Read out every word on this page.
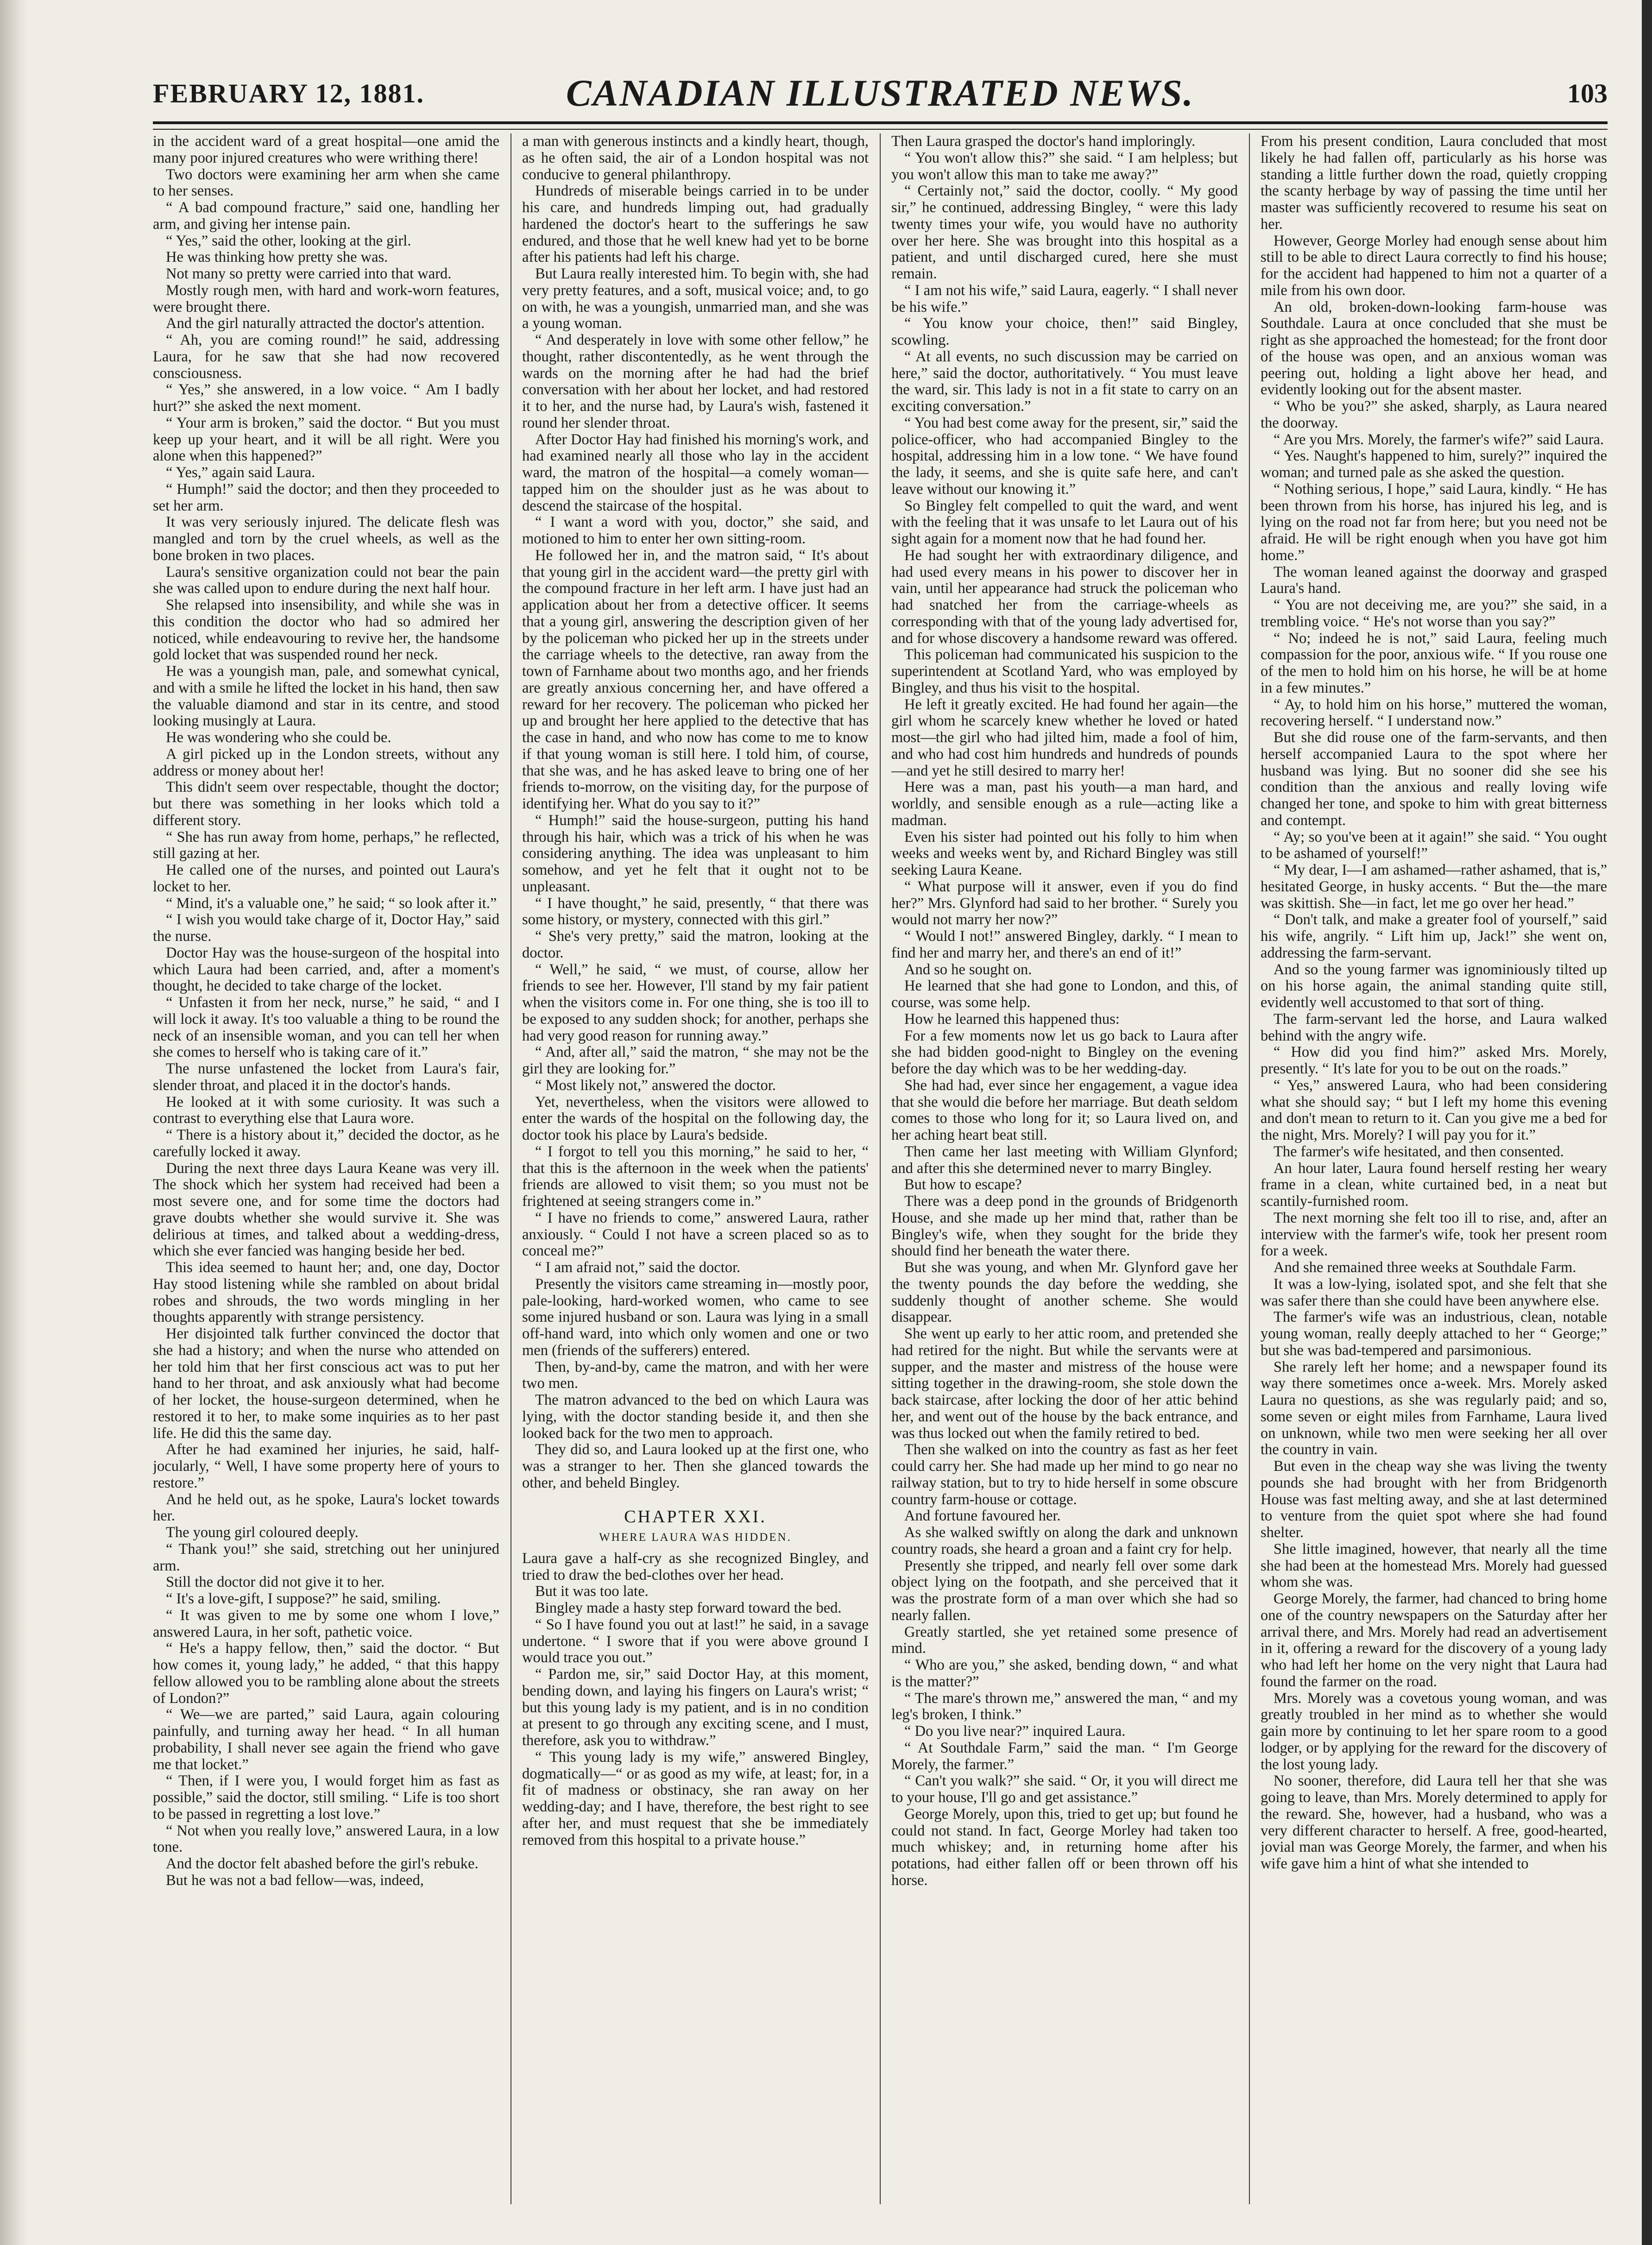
FEBRUARY 12, 1881.	CANADIAN ILLUSTRATED NEWS.	103

in the accident ward of a great hospital—one amid the many poor injured creatures who were writhing there!

Two doctors were examining her arm when she came to her senses.

“ A bad compound fracture,” said one, handling her arm, and giving her intense pain.

“ Yes,” said the other, looking at the girl.

He was thinking how pretty she was.

Not many so pretty were carried into that ward.

Mostly rough men, with hard and work-worn features, were brought there.

And the girl naturally attracted the doctor's attention.

“ Ah, you are coming round!” he said, addressing Laura, for he saw that she had now recovered consciousness.

“ Yes,” she answered, in a low voice. “ Am I badly hurt?” she asked the next moment.

“ Your arm is broken,” said the doctor. “ But you must keep up your heart, and it will be all right. Were you alone when this happened?”

“ Yes,” again said Laura.

“ Humph!” said the doctor; and then they proceeded to set her arm.

It was very seriously injured. The delicate flesh was mangled and torn by the cruel wheels, as well as the bone broken in two places.

Laura's sensitive organization could not bear the pain she was called upon to endure during the next half hour.

She relapsed into insensibility, and while she was in this condition the doctor who had so admired her noticed, while endeavouring to revive her, the handsome gold locket that was suspended round her neck.

He was a youngish man, pale, and somewhat cynical, and with a smile he lifted the locket in his hand, then saw the valuable diamond and star in its centre, and stood looking musingly at Laura.

He was wondering who she could be.

A girl picked up in the London streets, without any address or money about her!

This didn't seem over respectable, thought the doctor; but there was something in her looks which told a different story.

“ She has run away from home, perhaps,” he reflected, still gazing at her.

He called one of the nurses, and pointed out Laura's locket to her.

“ Mind, it's a valuable one,” he said; “ so look after it.”

“ I wish you would take charge of it, Doctor Hay,” said the nurse.

Doctor Hay was the house-surgeon of the hospital into which Laura had been carried, and, after a moment's thought, he decided to take charge of the locket.

“ Unfasten it from her neck, nurse,” he said, “ and I will lock it away. It's too valuable a thing to be round the neck of an insensible woman, and you can tell her when she comes to herself who is taking care of it.”

The nurse unfastened the locket from Laura's fair, slender throat, and placed it in the doctor's hands.

He looked at it with some curiosity. It was such a contrast to everything else that Laura wore.

“ There is a history about it,” decided the doctor, as he carefully locked it away.

During the next three days Laura Keane was very ill. The shock which her system had received had been a most severe one, and for some time the doctors had grave doubts whether she would survive it. She was delirious at times, and talked about a wedding-dress, which she ever fancied was hanging beside her bed.

This idea seemed to haunt her; and, one day, Doctor Hay stood listening while she rambled on about bridal robes and shrouds, the two words mingling in her thoughts apparently with strange persistency.

Her disjointed talk further convinced the doctor that she had a history; and when the nurse who attended on her told him that her first conscious act was to put her hand to her throat, and ask anxiously what had become of her locket, the house-surgeon determined, when he restored it to her, to make some inquiries as to her past life. He did this the same day.

After he had examined her injuries, he said, half-jocularly, “ Well, I have some property here of yours to restore.”

And he held out, as he spoke, Laura's locket towards her.

The young girl coloured deeply.

“ Thank you!” she said, stretching out her uninjured arm.

Still the doctor did not give it to her.

“ It's a love-gift, I suppose?” he said, smiling.

“ It was given to me by some one whom I love,” answered Laura, in her soft, pathetic voice.

“ He's a happy fellow, then,” said the doctor. “ But how comes it, young lady,” he added, “ that this happy fellow allowed you to be rambling alone about the streets of London?”

“ We—we are parted,” said Laura, again colouring painfully, and turning away her head. “ In all human probability, I shall never see again the friend who gave me that locket.”

“ Then, if I were you, I would forget him as fast as possible,” said the doctor, still smiling. “ Life is too short to be passed in regretting a lost love.”

“ Not when you really love,” answered Laura, in a low tone.

And the doctor felt abashed before the girl's rebuke.

But he was not a bad fellow—was, indeed,

a man with generous instincts and a kindly heart, though, as he often said, the air of a London hospital was not conducive to general philanthropy.

Hundreds of miserable beings carried in to be under his care, and hundreds limping out, had gradually hardened the doctor's heart to the sufferings he saw endured, and those that he well knew had yet to be borne after his patients had left his charge.

But Laura really interested him. To begin with, she had very pretty features, and a soft, musical voice; and, to go on with, he was a youngish, unmarried man, and she was a young woman.

“ And desperately in love with some other fellow,” he thought, rather discontentedly, as he went through the wards on the morning after he had had the brief conversation with her about her locket, and had restored it to her, and the nurse had, by Laura's wish, fastened it round her slender throat.

After Doctor Hay had finished his morning's work, and had examined nearly all those who lay in the accident ward, the matron of the hospital—a comely woman—tapped him on the shoulder just as he was about to descend the staircase of the hospital.

“ I want a word with you, doctor,” she said, and motioned to him to enter her own sitting-room.

He followed her in, and the matron said, “ It's about that young girl in the accident ward—the pretty girl with the compound fracture in her left arm. I have just had an application about her from a detective officer. It seems that a young girl, answering the description given of her by the policeman who picked her up in the streets under the carriage wheels to the detective, ran away from the town of Farnhame about two months ago, and her friends are greatly anxious concerning her, and have offered a reward for her recovery. The policeman who picked her up and brought her here applied to the detective that has the case in hand, and who now has come to me to know if that young woman is still here. I told him, of course, that she was, and he has asked leave to bring one of her friends to-morrow, on the visiting day, for the purpose of identifying her. What do you say to it?”

“ Humph!” said the house-surgeon, putting his hand through his hair, which was a trick of his when he was considering anything. The idea was unpleasant to him somehow, and yet he felt that it ought not to be unpleasant.

“ I have thought,” he said, presently, “ that there was some history, or mystery, connected with this girl.”

“ She's very pretty,” said the matron, looking at the doctor.

“ Well,” he said, “ we must, of course, allow her friends to see her. However, I'll stand by my fair patient when the visitors come in. For one thing, she is too ill to be exposed to any sudden shock; for another, perhaps she had very good reason for running away.”

“ And, after all,” said the matron, “ she may not be the girl they are looking for.”

“ Most likely not,” answered the doctor.

Yet, nevertheless, when the visitors were allowed to enter the wards of the hospital on the following day, the doctor took his place by Laura's bedside.

“ I forgot to tell you this morning,” he said to her, “ that this is the afternoon in the week when the patients' friends are allowed to visit them; so you must not be frightened at seeing strangers come in.”

“ I have no friends to come,” answered Laura, rather anxiously. “ Could I not have a screen placed so as to conceal me?”

“ I am afraid not,” said the doctor.

Presently the visitors came streaming in—mostly poor, pale-looking, hard-worked women, who came to see some injured husband or son. Laura was lying in a small off-hand ward, into which only women and one or two men (friends of the sufferers) entered.

Then, by-and-by, came the matron, and with her were two men.

The matron advanced to the bed on which Laura was lying, with the doctor standing beside it, and then she looked back for the two men to approach.

They did so, and Laura looked up at the first one, who was a stranger to her. Then she glanced towards the other, and beheld Bingley.

CHAPTER XXI.
WHERE LAURA WAS HIDDEN.

Laura gave a half-cry as she recognized Bingley, and tried to draw the bed-clothes over her head.

But it was too late.

Bingley made a hasty step forward toward the bed.

“ So I have found you out at last!” he said, in a savage undertone. “ I swore that if you were above ground I would trace you out.”

“ Pardon me, sir,” said Doctor Hay, at this moment, bending down, and laying his fingers on Laura's wrist; “ but this young lady is my patient, and is in no condition at present to go through any exciting scene, and I must, therefore, ask you to withdraw.”

“ This young lady is my wife,” answered Bingley, dogmatically—“ or as good as my wife, at least; for, in a fit of madness or obstinacy, she ran away on her wedding-day; and I have, therefore, the best right to see after her, and must request that she be immediately removed from this hospital to a private house.”

Then Laura grasped the doctor's hand imploringly.

“ You won't allow this?” she said. “ I am helpless; but you won't allow this man to take me away?”

“ Certainly not,” said the doctor, coolly. “ My good sir,” he continued, addressing Bingley, “ were this lady twenty times your wife, you would have no authority over her here. She was brought into this hospital as a patient, and until discharged cured, here she must remain.

“ I am not his wife,” said Laura, eagerly. “ I shall never be his wife.”

“ You know your choice, then!” said Bingley, scowling.

“ At all events, no such discussion may be carried on here,” said the doctor, authoritatively. “ You must leave the ward, sir. This lady is not in a fit state to carry on an exciting conversation.”

“ You had best come away for the present, sir,” said the police-officer, who had accompanied Bingley to the hospital, addressing him in a low tone. “ We have found the lady, it seems, and she is quite safe here, and can't leave without our knowing it.”

So Bingley felt compelled to quit the ward, and went with the feeling that it was unsafe to let Laura out of his sight again for a moment now that he had found her.

He had sought her with extraordinary diligence, and had used every means in his power to discover her in vain, until her appearance had struck the policeman who had snatched her from the carriage-wheels as corresponding with that of the young lady advertised for, and for whose discovery a handsome reward was offered.

This policeman had communicated his suspicion to the superintendent at Scotland Yard, who was employed by Bingley, and thus his visit to the hospital.

He left it greatly excited. He had found her again—the girl whom he scarcely knew whether he loved or hated most—the girl who had jilted him, made a fool of him, and who had cost him hundreds and hundreds of pounds—and yet he still desired to marry her!

Here was a man, past his youth—a man hard, and worldly, and sensible enough as a rule—acting like a madman.

Even his sister had pointed out his folly to him when weeks and weeks went by, and Richard Bingley was still seeking Laura Keane.

“ What purpose will it answer, even if you do find her?” Mrs. Glynford had said to her brother. “ Surely you would not marry her now?”

“ Would I not!” answered Bingley, darkly. “ I mean to find her and marry her, and there's an end of it!”

And so he sought on.

He learned that she had gone to London, and this, of course, was some help.

How he learned this happened thus:

For a few moments now let us go back to Laura after she had bidden good-night to Bingley on the evening before the day which was to be her wedding-day.

She had had, ever since her engagement, a vague idea that she would die before her marriage. But death seldom comes to those who long for it; so Laura lived on, and her aching heart beat still.

Then came her last meeting with William Glynford; and after this she determined never to marry Bingley.

But how to escape?

There was a deep pond in the grounds of Bridgenorth House, and she made up her mind that, rather than be Bingley's wife, when they sought for the bride they should find her beneath the water there.

But she was young, and when Mr. Glynford gave her the twenty pounds the day before the wedding, she suddenly thought of another scheme. She would disappear.

She went up early to her attic room, and pretended she had retired for the night. But while the servants were at supper, and the master and mistress of the house were sitting together in the drawing-room, she stole down the back staircase, after locking the door of her attic behind her, and went out of the house by the back entrance, and was thus locked out when the family retired to bed.

Then she walked on into the country as fast as her feet could carry her. She had made up her mind to go near no railway station, but to try to hide herself in some obscure country farm-house or cottage.

And fortune favoured her.

As she walked swiftly on along the dark and unknown country roads, she heard a groan and a faint cry for help.

Presently she tripped, and nearly fell over some dark object lying on the footpath, and she perceived that it was the prostrate form of a man over which she had so nearly fallen.

Greatly startled, she yet retained some presence of mind.

“ Who are you,” she asked, bending down, “ and what is the matter?”

“ The mare's thrown me,” answered the man, “ and my leg's broken, I think.”

“ Do you live near?” inquired Laura.

“ At Southdale Farm,” said the man. “ I'm George Morely, the farmer.”

“ Can't you walk?” she said. “ Or, it you will direct me to your house, I'll go and get assistance.”

George Morely, upon this, tried to get up; but found he could not stand. In fact, George Morley had taken too much whiskey; and, in returning home after his potations, had either fallen off or been thrown off his horse.

From his present condition, Laura concluded that most likely he had fallen off, particularly as his horse was standing a little further down the road, quietly cropping the scanty herbage by way of passing the time until her master was sufficiently recovered to resume his seat on her.

However, George Morley had enough sense about him still to be able to direct Laura correctly to find his house; for the accident had happened to him not a quarter of a mile from his own door.

An old, broken-down-looking farm-house was Southdale. Laura at once concluded that she must be right as she approached the homestead; for the front door of the house was open, and an anxious woman was peering out, holding a light above her head, and evidently looking out for the absent master.

“ Who be you?” she asked, sharply, as Laura neared the doorway.

“ Are you Mrs. Morely, the farmer's wife?” said Laura.

“ Yes. Naught's happened to him, surely?” inquired the woman; and turned pale as she asked the question.

“ Nothing serious, I hope,” said Laura, kindly. “ He has been thrown from his horse, has injured his leg, and is lying on the road not far from here; but you need not be afraid. He will be right enough when you have got him home.”

The woman leaned against the doorway and grasped Laura's hand.

“ You are not deceiving me, are you?” she said, in a trembling voice. “ He's not worse than you say?”

“ No; indeed he is not,” said Laura, feeling much compassion for the poor, anxious wife. “ If you rouse one of the men to hold him on his horse, he will be at home in a few minutes.”

“ Ay, to hold him on his horse,” muttered the woman, recovering herself. “ I understand now.”

But she did rouse one of the farm-servants, and then herself accompanied Laura to the spot where her husband was lying. But no sooner did she see his condition than the anxious and really loving wife changed her tone, and spoke to him with great bitterness and contempt.

“ Ay; so you've been at it again!” she said. “ You ought to be ashamed of yourself!”

“ My dear, I—I am ashamed—rather ashamed, that is,” hesitated George, in husky accents. “ But the—the mare was skittish. She—in fact, let me go over her head.”

“ Don't talk, and make a greater fool of yourself,” said his wife, angrily. “ Lift him up, Jack!” she went on, addressing the farm-servant.

And so the young farmer was ignominiously tilted up on his horse again, the animal standing quite still, evidently well accustomed to that sort of thing.

The farm-servant led the horse, and Laura walked behind with the angry wife.

“ How did you find him?” asked Mrs. Morely, presently. “ It's late for you to be out on the roads.”

“ Yes,” answered Laura, who had been considering what she should say; “ but I left my home this evening and don't mean to return to it. Can you give me a bed for the night, Mrs. Morely? I will pay you for it.”

The farmer's wife hesitated, and then consented.

An hour later, Laura found herself resting her weary frame in a clean, white curtained bed, in a neat but scantily-furnished room.

The next morning she felt too ill to rise, and, after an interview with the farmer's wife, took her present room for a week.

And she remained three weeks at Southdale Farm.

It was a low-lying, isolated spot, and she felt that she was safer there than she could have been anywhere else.

The farmer's wife was an industrious, clean, notable young woman, really deeply attached to her “ George;” but she was bad-tempered and parsimonious.

She rarely left her home; and a newspaper found its way there sometimes once a-week. Mrs. Morely asked Laura no questions, as she was regularly paid; and so, some seven or eight miles from Farnhame, Laura lived on unknown, while two men were seeking her all over the country in vain.

But even in the cheap way she was living the twenty pounds she had brought with her from Bridgenorth House was fast melting away, and she at last determined to venture from the quiet spot where she had found shelter.

She little imagined, however, that nearly all the time she had been at the homestead Mrs. Morely had guessed whom she was.

George Morely, the farmer, had chanced to bring home one of the country newspapers on the Saturday after her arrival there, and Mrs. Morely had read an advertisement in it, offering a reward for the discovery of a young lady who had left her home on the very night that Laura had found the farmer on the road.

Mrs. Morely was a covetous young woman, and was greatly troubled in her mind as to whether she would gain more by continuing to let her spare room to a good lodger, or by applying for the reward for the discovery of the lost young lady.

No sooner, therefore, did Laura tell her that she was going to leave, than Mrs. Morely determined to apply for the reward. She, however, had a husband, who was a very different character to herself. A free, good-hearted, jovial man was George Morely, the farmer, and when his wife gave him a hint of what she intended to
